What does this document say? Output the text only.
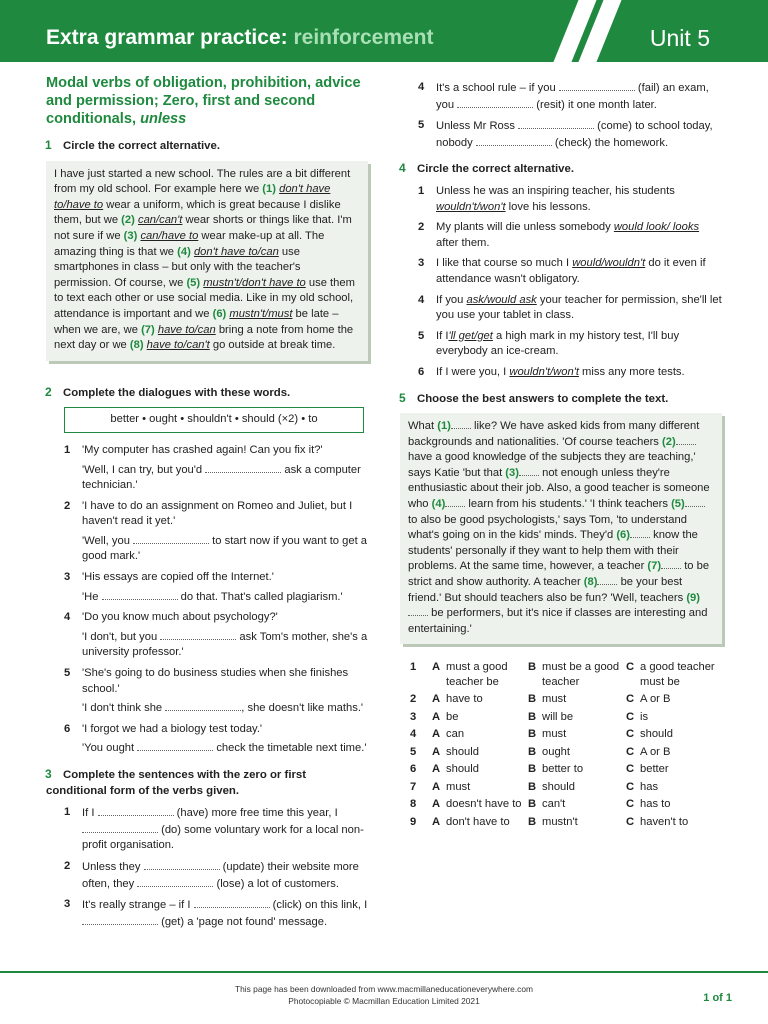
Extra grammar practice: reinforcement	Unit 5
Modal verbs of obligation, prohibition, advice and permission; Zero, first and second conditionals, unless
1 Circle the correct alternative.

I have just started a new school. The rules are a bit different from my old school. For example here we (1) don't have to/have to wear a uniform, which is great because I dislike them, but we (2) can/can't wear shorts or things like that. I'm not sure if we (3) can/have to wear make-up at all. The amazing thing is that we (4) don't have to/can use smartphones in class – but only with the teacher's permission. Of course, we (5) mustn't/don't have to use them to text each other or use social media. Like in my old school, attendance is important and we (6) mustn't/must be late – when we are, we (7) have to/can bring a note from home the next day or we (8) have to/can't go outside at break time.

2 Complete the dialogues with these words.
better • ought • shouldn't • should (×2) • to
1 'My computer has crashed again! Can you fix it?'
'Well, I can try, but you'd	ask a computer technician.'
2 'I have to do an assignment on Romeo and Juliet, but I haven't read it yet.'
'Well, you	to start now if you want to get a good mark.'
3 'His essays are copied off the Internet.'
'He	do that. That's called plagiarism.'
4 'Do you know much about psychology?'
'I don't, but you	ask Tom's mother, she's a university professor.'
5 'She's going to do business studies when she finishes school.'
'I don't think she	, she doesn't like maths.'
6 'I forgot we had a biology test today.'
'You ought	check the timetable next time.'
3 Complete the sentences with the zero or first conditional form of the verbs given.
1 If I	(have) more free time this year, I  (do) some voluntary work for a local non-profit organisation.
2 Unless they	(update) their website more often, they	(lose) a lot of customers.
3 It's really strange – if I	(click) on this link, I  (get) a 'page not found' message.
4 It's a school rule – if you	(fail) an exam, you	(resit) it one month later.
5 Unless Mr Ross	(come) to school today, nobody	(check) the homework.
4 Circle the correct alternative.
1 Unless he was an inspiring teacher, his students wouldn't/won't love his lessons.
2 My plants will die unless somebody would look/ looks after them.
3 I like that course so much I would/wouldn't do it even if attendance wasn't obligatory.
4 If you ask/would ask your teacher for permission, she'll let you use your tablet in class.
5 If I'll get/get a high mark in my history test, I'll buy everybody an ice-cream.
6 If I were you, I wouldn't/won't miss any more tests.
5 Choose the best answers to complete the text.

What (1) like? We have asked kids from many different backgrounds and nationalities. 'Of course teachers (2) have a good knowledge of the subjects they are teaching,' says Katie 'but that (3) not enough unless they're enthusiastic about their job. Also, a good teacher is someone who (4) learn from his students.' 'I think teachers (5) to also be good psychologists,' says Tom, 'to understand what's going on in the kids' minds. They'd (6) know the students' personally if they want to help them with their problems. At the same time, however, a teacher (7) to be strict and show authority. A teacher (8) be your best friend.' But should teachers also be fun? 'Well, teachers (9) be performers, but it's nice if classes are interesting and entertaining.'

1	A	must a good teacher be	B	must be a good teacher	C	a good teacher must be
2	A	have to	B	must	C	A or B
3	A	be	B	will be	C	is
4	A	can	B	must	C	should
5	A	should	B	ought	C	A or B
6	A	should	B	better to	C	better
7	A	must	B	should	C	has
8	A	doesn't have to	B	can't	C	has to
9	A	don't have to	B	mustn't	C	haven't to
This page has been downloaded from www.macmillaneducationeverywhere.com
Photocopiable © Macmillan Education Limited 2021	1 of 1
